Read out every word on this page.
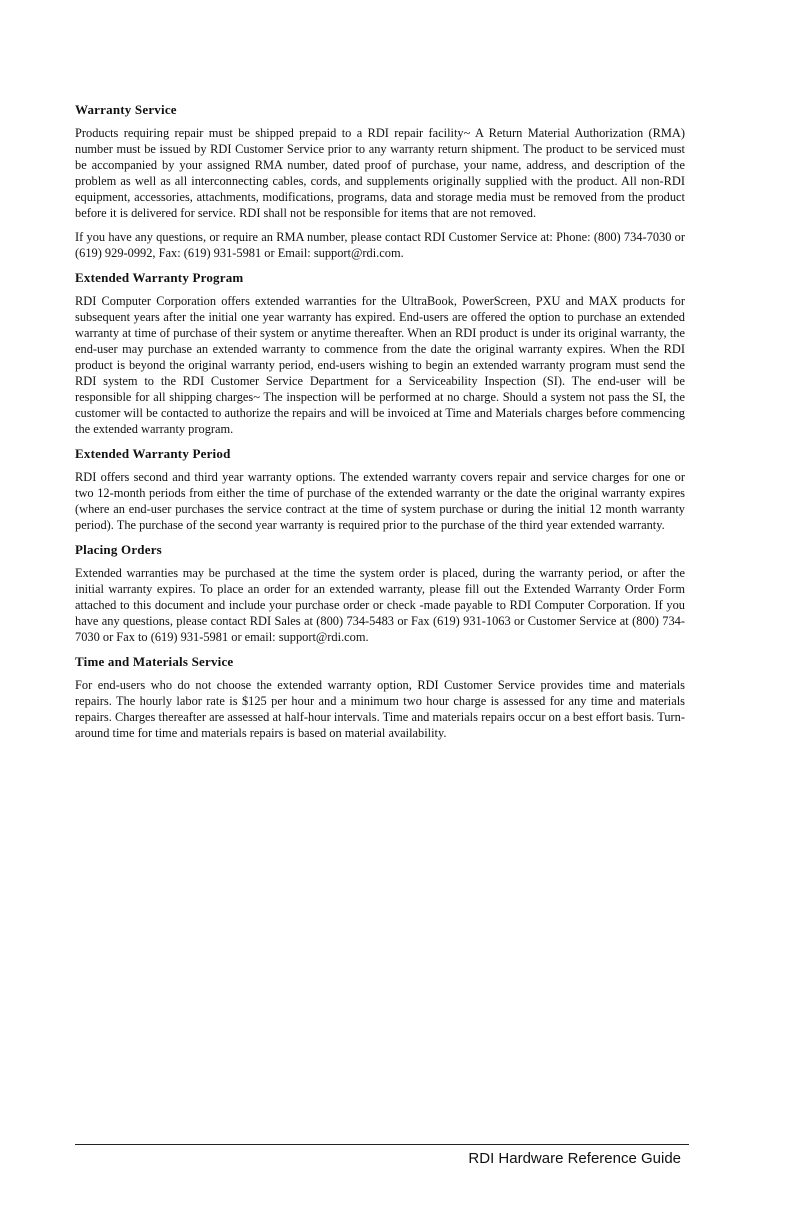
Warranty Service

Products requiring repair must be shipped prepaid to a RDI repair facility~ A Return Material Authorization (RMA) number must be issued by RDI Customer Service prior to any warranty return shipment. The product to be serviced must be accompanied by your assigned RMA number, dated proof of purchase, your name, address, and description of the problem as well as all interconnecting cables, cords, and supplements originally supplied with the product. All non-RDI equipment, accessories, attachments, modifications, programs, data and storage media must be removed from the product before it is delivered for service. RDI shall not be responsible for items that are not removed.

If you have any questions, or require an RMA number, please contact RDI Customer Service at: Phone: (800) 734-7030 or (619) 929-0992, Fax: (619) 931-5981 or Email: support@rdi.com.

Extended Warranty Program

RDI Computer Corporation offers extended warranties for the UltraBook, PowerScreen, PXU and MAX products for subsequent years after the initial one year warranty has expired. End-users are offered the option to purchase an extended warranty at time of purchase of their system or anytime thereafter. When an RDI product is under its original warranty, the end-user may purchase an extended warranty to commence from the date the original warranty expires. When the RDI product is beyond the original warranty period, end-users wishing to begin an extended warranty program must send the RDI system to the RDI Customer Service Department for a Serviceability Inspection (SI). The end-user will be responsible for all shipping charges~ The inspection will be performed at no charge. Should a system not pass the SI, the customer will be contacted to authorize the repairs and will be invoiced at Time and Materials charges before commencing the extended warranty program.

Extended Warranty Period

RDI offers second and third year warranty options. The extended warranty covers repair and service charges for one or two 12-month periods from either the time of purchase of the extended warranty or the date the original warranty expires (where an end-user purchases the service contract at the time of system purchase or during the initial 12 month warranty period). The purchase of the second year warranty is required prior to the purchase of the third year extended warranty.

Placing Orders

Extended warranties may be purchased at the time the system order is placed, during the warranty period, or after the initial warranty expires. To place an order for an extended warranty, please fill out the Extended Warranty Order Form attached to this document and include your purchase order or check -made payable to RDI Computer Corporation. If you have any questions, please contact RDI Sales at (800) 734-5483 or Fax (619) 931-1063 or Customer Service at (800) 734-7030 or Fax to (619) 931-5981 or email: support@rdi.com.

Time and Materials Service

For end-users who do not choose the extended warranty option, RDI Customer Service provides time and materials repairs. The hourly labor rate is $125 per hour and a minimum two hour charge is assessed for any time and materials repairs. Charges thereafter are assessed at half-hour intervals. Time and materials repairs occur on a best effort basis. Turn-around time for time and materials repairs is based on material availability.

RDI Hardware Reference Guide
